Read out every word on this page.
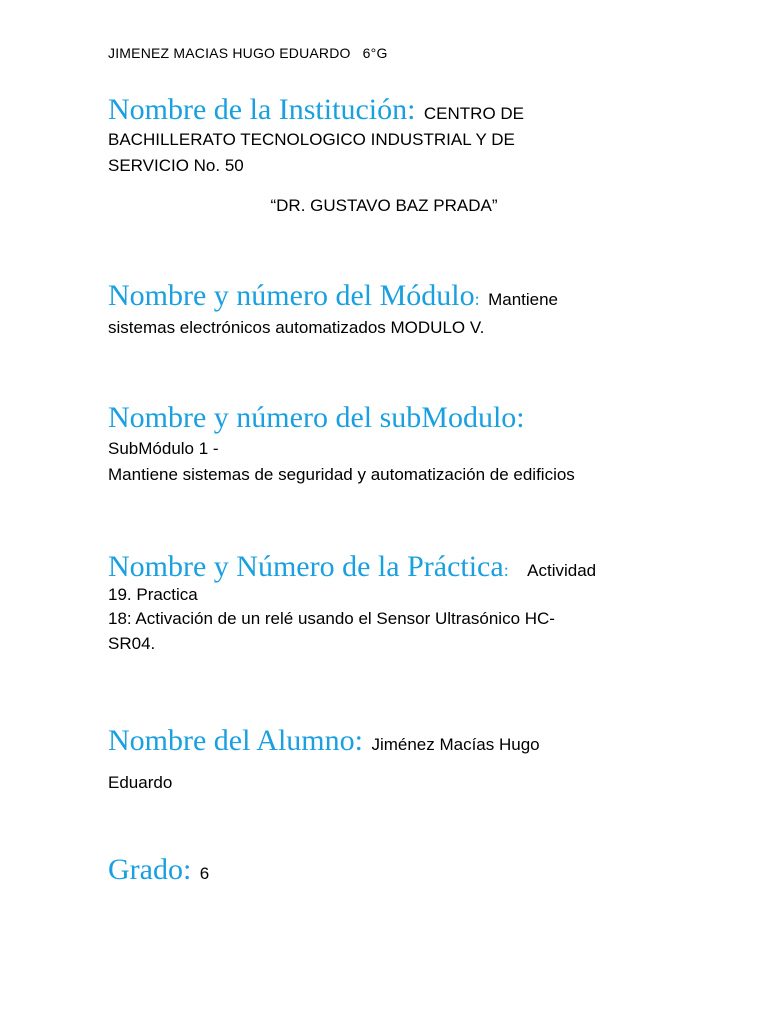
JIMENEZ MACIAS HUGO EDUARDO 6°G
Nombre de la Institución: CENTRO DE
BACHILLERATO TECNOLOGICO INDUSTRIAL Y DE
SERVICIO No. 50
“DR. GUSTAVO BAZ PRADA”
Nombre y número del Módulo: Mantiene
sistemas electrónicos automatizados MODULO V.
Nombre y número del subModulo:
SubMódulo 1 -
Mantiene sistemas de seguridad y automatización de edificios
Nombre y Número de la Práctica: Actividad
19. Practica
18: Activación de un relé usando el Sensor Ultrasónico HC-
SR04.
Nombre del Alumno: Jiménez Macías Hugo
Eduardo
Grado: 6
